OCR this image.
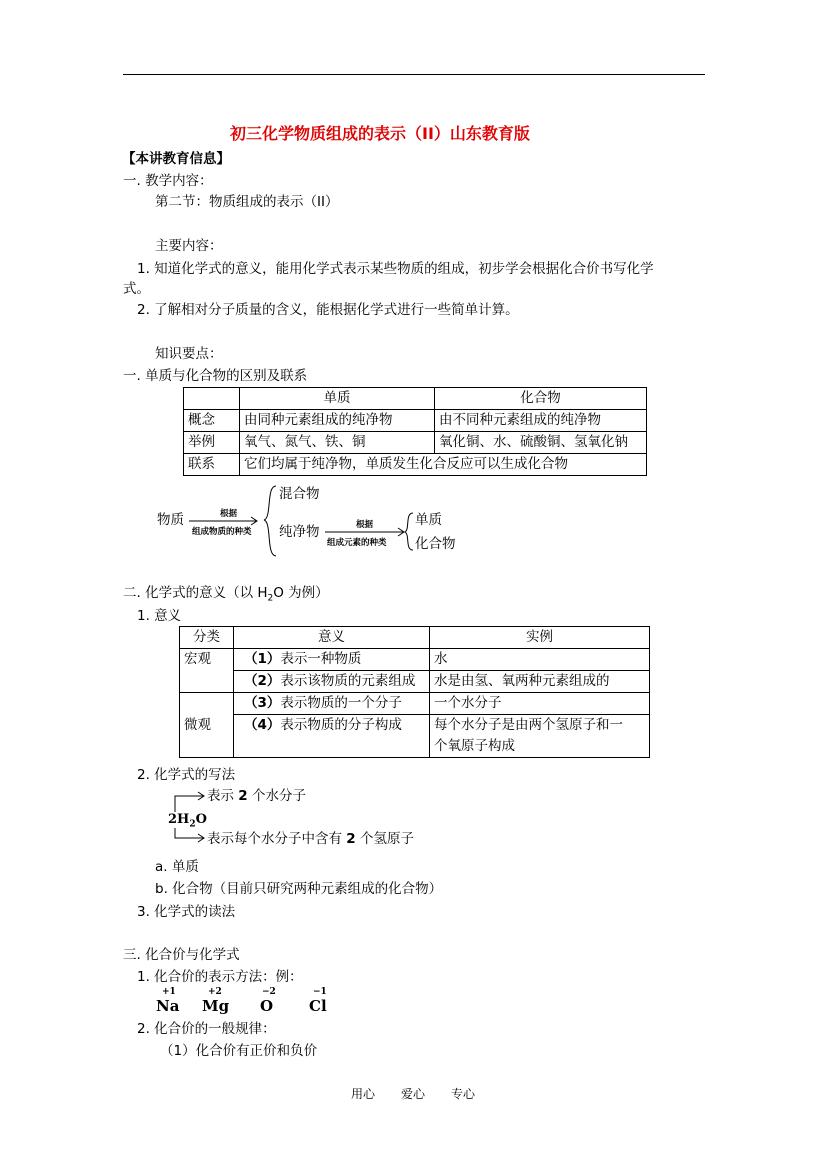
初三化学物质组成的表示（II）山东教育版
【本讲教育信息】
一. 教学内容：
第二节：物质组成的表示（II）
主要内容：
1. 知道化学式的意义，能用化学式表示某些物质的组成，初步学会根据化合价书写化学
式。
2. 了解相对分子质量的含义，能根据化学式进行一些简单计算。
知识要点：
一. 单质与化合物的区别及联系
	单质	化合物
概念	由同种元素组成的纯净物	由不同种元素组成的纯净物
举例	氧气、氮气、铁、铜	氧化铜、水、硫酸铜、氢氧化钠
联系	它们均属于纯净物，单质发生化合反应可以生成化合物	
物质	根据
组成物质的种类
混合物
纯净物	根据
组成元素的种类
单质
化合物
二. 化学式的意义（以 $H_2O$ 为例）
1. 意义
分类	意义	实例
宏观	（1）表示一种物质	水
	（2）表示该物质的元素组成	水是由氢、氧两种元素组成的
微观	（3）表示物质的一个分子	一个水分子
	（4）表示物质的分子构成	每个水分子是由两个氢原子和一
个氧原子构成
2. 化学式的写法
$2H_2O$
表示 2 个水分子
表示每个水分子中含有 2 个氢原子
a. 单质
b. 化合物（目前只研究两种元素组成的化合物）
3. 化学式的读法
三. 化合价与化学式
1. 化合价的表示方法：例：
+1
Na
+2
Mg
−2
O
−1
Cl
2. 化合价的一般规律：
（1）化合价有正价和负价
用心 爱心 专心
